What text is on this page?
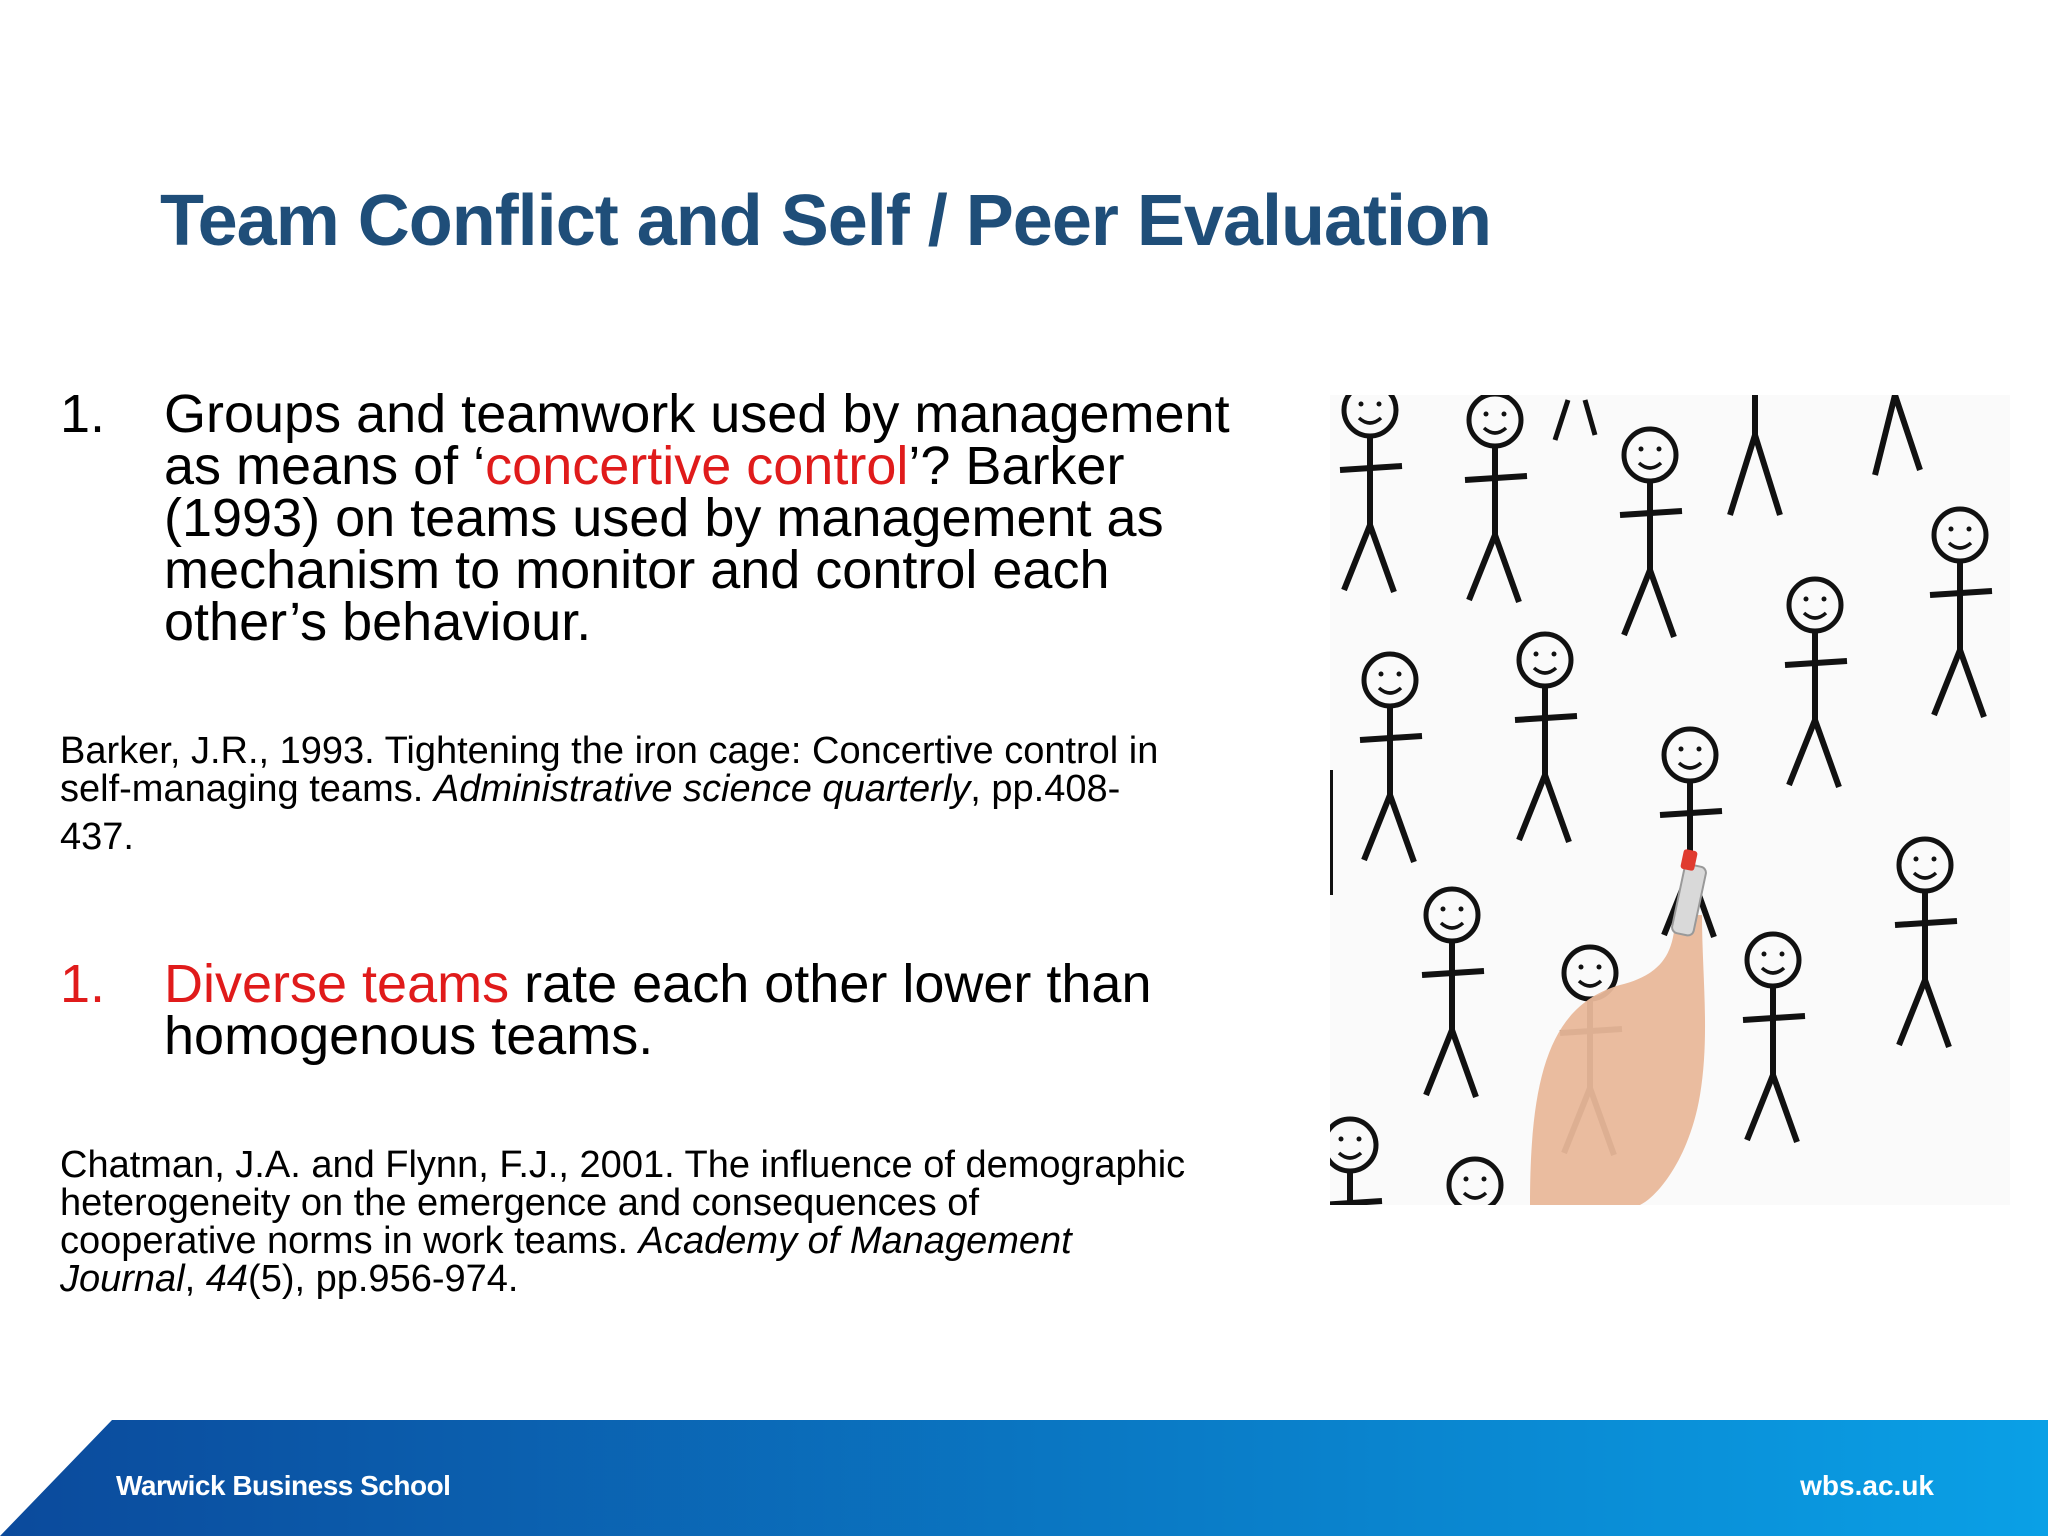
Team Conflict and Self / Peer Evaluation
1.	Groups and teamwork used by management
as means of ‘concertive control’? Barker
(1993) on teams used by management as
mechanism to monitor and control each
other’s behaviour.
Barker, J.R., 1993. Tightening the iron cage: Concertive control in
self-managing teams. Administrative science quarterly, pp.408-
437.
1.	Diverse teams rate each other lower than
homogenous teams.
Chatman, J.A. and Flynn, F.J., 2001. The influence of demographic
heterogeneity on the emergence and consequences of
cooperative norms in work teams. Academy of Management
Journal, 44(5), pp.956-974.
Warwick Business School	wbs.ac.uk
